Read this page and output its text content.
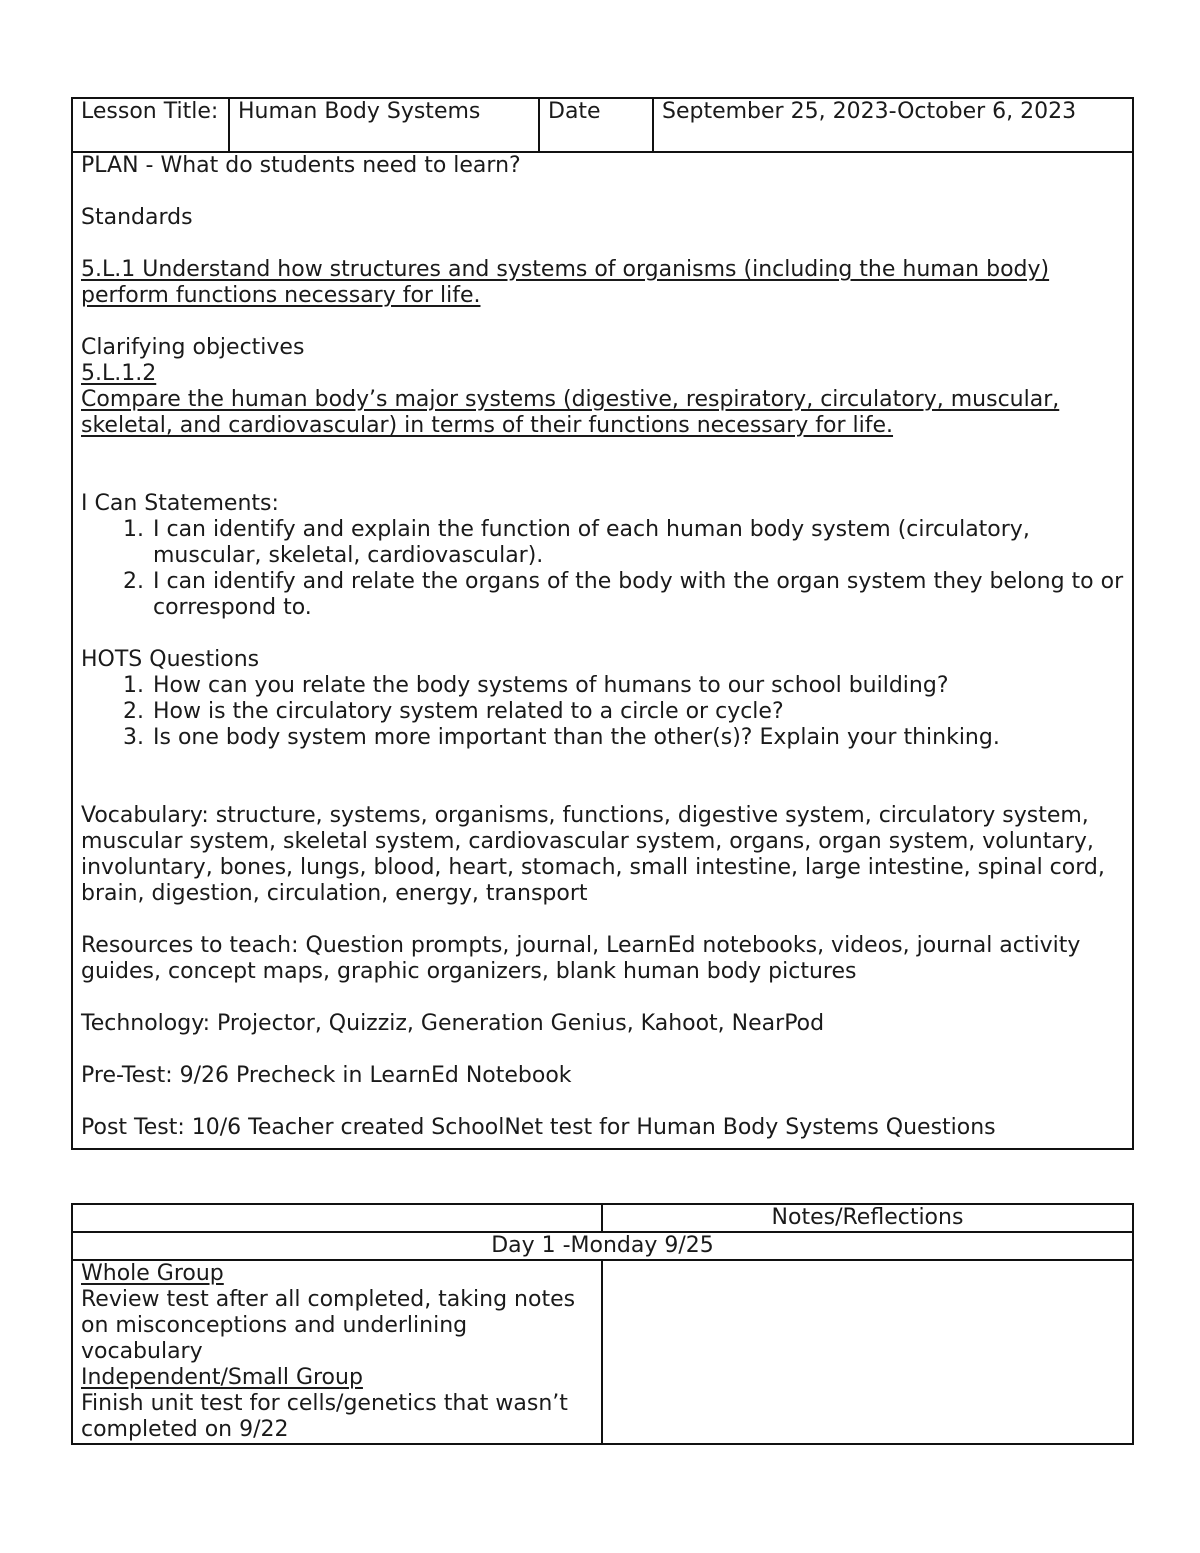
Lesson Title:	Human Body Systems	Date	September 25, 2023-October 6, 2023

PLAN - What do students need to learn?

Standards

5.L.1 Understand how structures and systems of organisms (including the human body) perform functions necessary for life.

Clarifying objectives

5.L.1.2

Compare the human body’s major systems (digestive, respiratory, circulatory, muscular, skeletal, and cardiovascular) in terms of their functions necessary for life.

I Can Statements:

1. I can identify and explain the function of each human body system (circulatory, muscular, skeletal, cardiovascular).
2. I can identify and relate the organs of the body with the organ system they belong to or correspond to.

HOTS Questions

1. How can you relate the body systems of humans to our school building?
2. How is the circulatory system related to a circle or cycle?
3. Is one body system more important than the other(s)? Explain your thinking.

Vocabulary: structure, systems, organisms, functions, digestive system, circulatory system, muscular system, skeletal system, cardiovascular system, organs, organ system, voluntary, involuntary, bones, lungs, blood, heart, stomach, small intestine, large intestine, spinal cord, brain, digestion, circulation, energy, transport

Resources to teach: Question prompts, journal, LearnEd notebooks, videos, journal activity guides, concept maps, graphic organizers, blank human body pictures

Technology: Projector, Quizziz, Generation Genius, Kahoot, NearPod

Pre-Test: 9/26 Precheck in LearnEd Notebook

Post Test: 10/6 Teacher created SchoolNet test for Human Body Systems Questions

	Notes/Reflections
Day 1 -Monday 9/25	

Whole Group

Review test after all completed, taking notes on misconceptions and underlining vocabulary

Independent/Small Group

Finish unit test for cells/genetics that wasn’t completed on 9/22	
